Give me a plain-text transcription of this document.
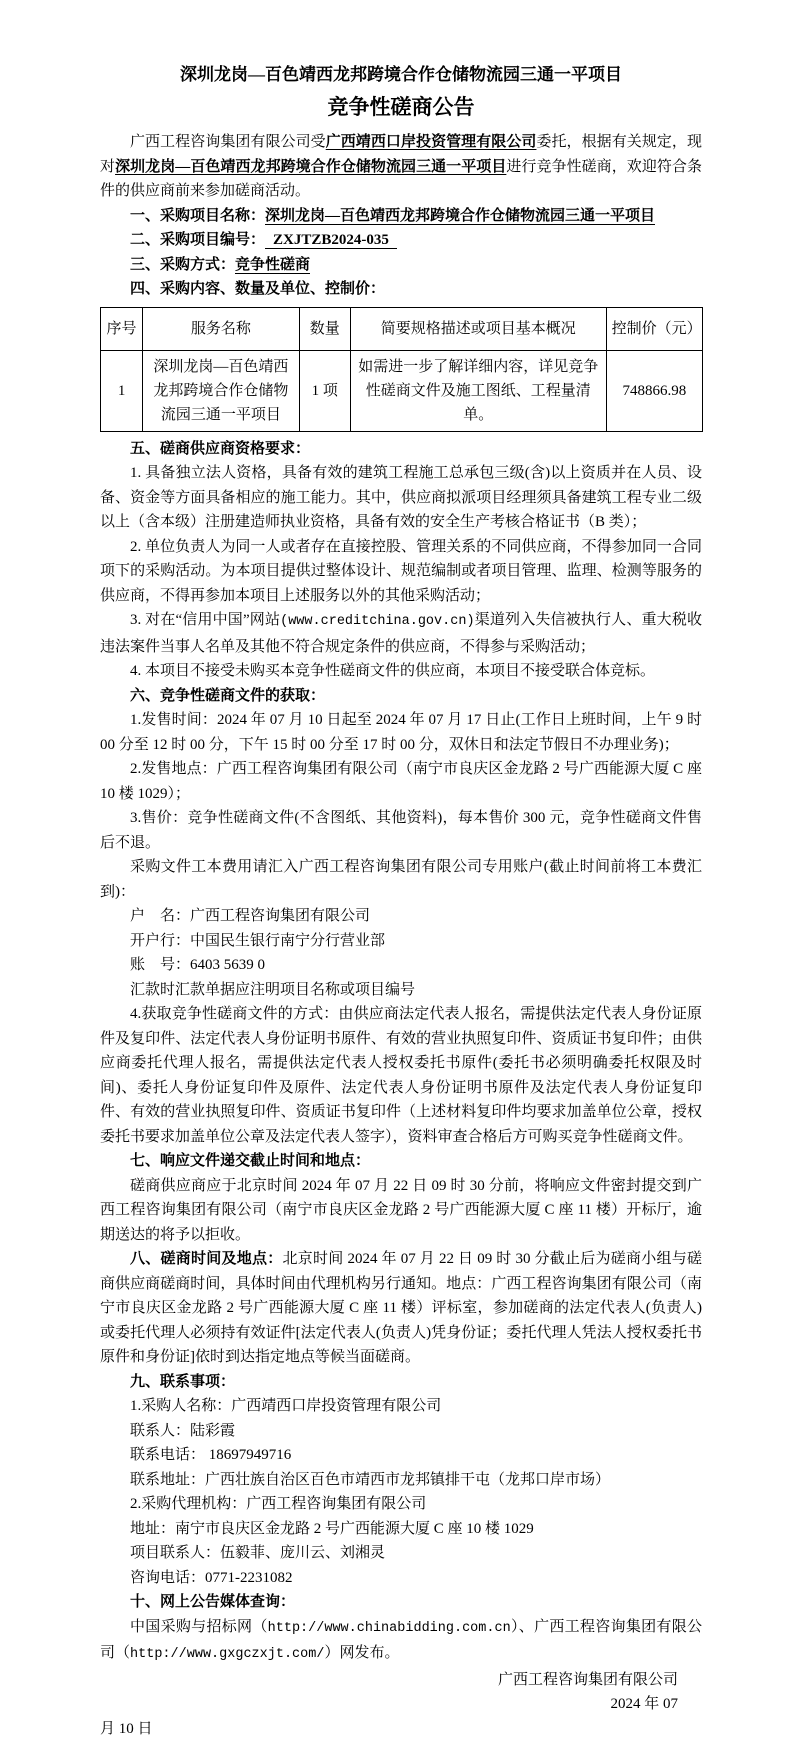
深圳龙岗—百色靖西龙邦跨境合作仓储物流园三通一平项目
竞争性磋商公告

广西工程咨询集团有限公司受广西靖西口岸投资管理有限公司委托，根据有关规定，现对深圳龙岗—百色靖西龙邦跨境合作仓储物流园三通一平项目进行竞争性磋商，欢迎符合条件的供应商前来参加磋商活动。

一、采购项目名称：深圳龙岗—百色靖西龙邦跨境合作仓储物流园三通一平项目

二、采购项目编号： ZXJTZB2024-035

三、采购方式：竞争性磋商

四、采购内容、数量及单位、控制价：

序号	服务名称	数量	简要规格描述或项目基本概况	控制价（元）
1	深圳龙岗—百色靖西龙邦跨境合作仓储物流园三通一平项目	1 项	如需进一步了解详细内容，详见竞争性磋商文件及施工图纸、工程量清单。	748866.98

五、磋商供应商资格要求：

1. 具备独立法人资格，具备有效的建筑工程施工总承包三级(含)以上资质并在人员、设备、资金等方面具备相应的施工能力。其中，供应商拟派项目经理须具备建筑工程专业二级以上（含本级）注册建造师执业资格，具备有效的安全生产考核合格证书（B 类）；

2. 单位负责人为同一人或者存在直接控股、管理关系的不同供应商，不得参加同一合同项下的采购活动。为本项目提供过整体设计、规范编制或者项目管理、监理、检测等服务的供应商，不得再参加本项目上述服务以外的其他采购活动；

3. 对在“信用中国”网站(www.creditchina.gov.cn)渠道列入失信被执行人、重大税收违法案件当事人名单及其他不符合规定条件的供应商，不得参与采购活动；

4. 本项目不接受未购买本竞争性磋商文件的供应商，本项目不接受联合体竞标。

六、竞争性磋商文件的获取：

1.发售时间：2024 年 07 月 10 日起至 2024 年 07 月 17 日止(工作日上班时间，上午 9 时 00 分至 12 时 00 分，下午 15 时 00 分至 17 时 00 分，双休日和法定节假日不办理业务)；

2.发售地点：广西工程咨询集团有限公司（南宁市良庆区金龙路 2 号广西能源大厦 C 座 10 楼 1029）；

3.售价：竞争性磋商文件(不含图纸、其他资料)，每本售价 300 元，竞争性磋商文件售后不退。

采购文件工本费用请汇入广西工程咨询集团有限公司专用账户(截止时间前将工本费汇到)：

户　名：广西工程咨询集团有限公司

开户行：中国民生银行南宁分行营业部

账　号：6403 5639 0

汇款时汇款单据应注明项目名称或项目编号

4.获取竞争性磋商文件的方式：由供应商法定代表人报名，需提供法定代表人身份证原件及复印件、法定代表人身份证明书原件、有效的营业执照复印件、资质证书复印件；由供应商委托代理人报名，需提供法定代表人授权委托书原件(委托书必须明确委托权限及时间)、委托人身份证复印件及原件、法定代表人身份证明书原件及法定代表人身份证复印件、有效的营业执照复印件、资质证书复印件（上述材料复印件均要求加盖单位公章，授权委托书要求加盖单位公章及法定代表人签字），资料审查合格后方可购买竞争性磋商文件。

七、响应文件递交截止时间和地点：

磋商供应商应于北京时间 2024 年 07 月 22 日 09 时 30 分前，将响应文件密封提交到广西工程咨询集团有限公司（南宁市良庆区金龙路 2 号广西能源大厦 C 座 11 楼）开标厅，逾期送达的将予以拒收。

八、磋商时间及地点：北京时间 2024 年 07 月 22 日 09 时 30 分截止后为磋商小组与磋商供应商磋商时间，具体时间由代理机构另行通知。地点：广西工程咨询集团有限公司（南宁市良庆区金龙路 2 号广西能源大厦 C 座 11 楼）评标室，参加磋商的法定代表人(负责人)或委托代理人必须持有效证件[法定代表人(负责人)凭身份证；委托代理人凭法人授权委托书原件和身份证]依时到达指定地点等候当面磋商。

九、联系事项：

1.采购人名称：广西靖西口岸投资管理有限公司

联系人：陆彩霞

联系电话： 18697949716

联系地址：广西壮族自治区百色市靖西市龙邦镇排干屯（龙邦口岸市场）

2.采购代理机构：广西工程咨询集团有限公司

地址：南宁市良庆区金龙路 2 号广西能源大厦 C 座 10 楼 1029

项目联系人：伍毅菲、庞川云、刘湘灵

咨询电话：0771-2231082

十、网上公告媒体查询：

中国采购与招标网（http://www.chinabidding.com.cn）、广西工程咨询集团有限公司（http://www.gxgczxjt.com/）网发布。

广西工程咨询集团有限公司

2024 年 07

月 10 日
